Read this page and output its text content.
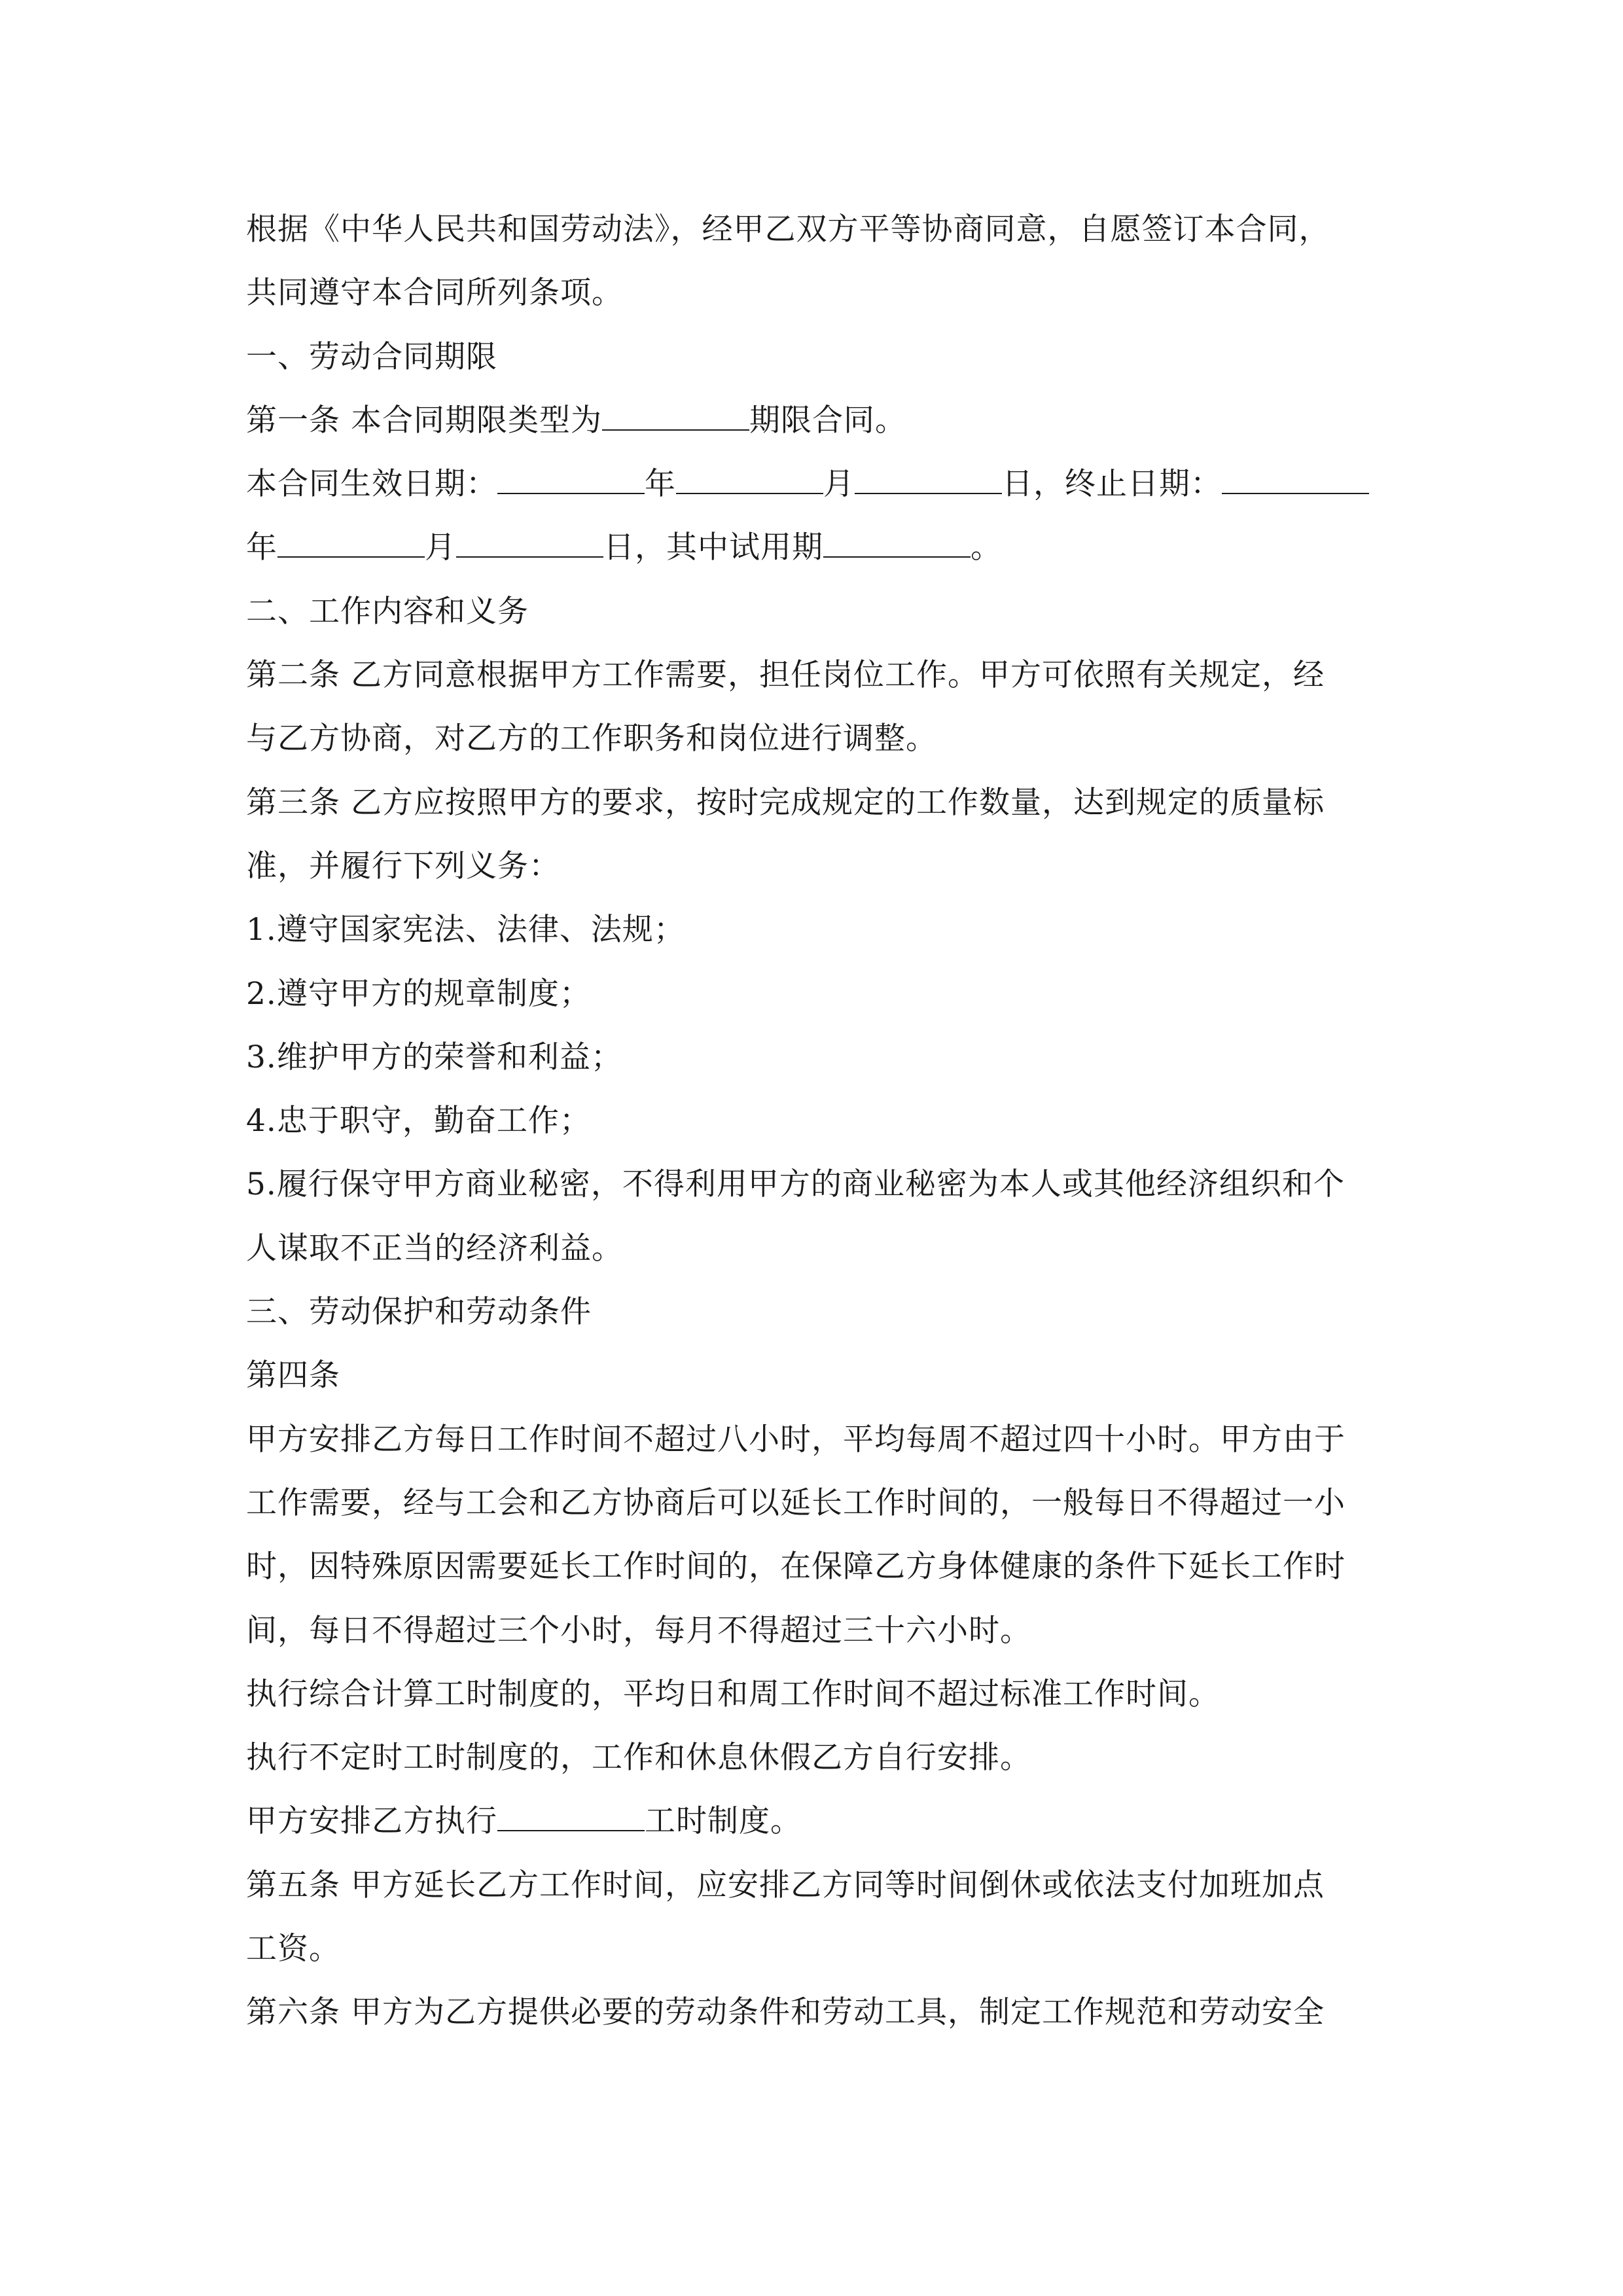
根据《中华人民共和国劳动法》，经甲乙双方平等协商同意，自愿签订本合同，
共同遵守本合同所列条项。
一、劳动合同期限
第一条 本合同期限类型为	期限合同。
本合同生效日期：	年	月	日，终止日期：
年	月	日，其中试用期	。
二、工作内容和义务
第二条 乙方同意根据甲方工作需要，担任岗位工作。甲方可依照有关规定，经
与乙方协商，对乙方的工作职务和岗位进行调整。
第三条 乙方应按照甲方的要求，按时完成规定的工作数量，达到规定的质量标
准，并履行下列义务：
1.遵守国家宪法、法律、法规；
2.遵守甲方的规章制度；
3.维护甲方的荣誉和利益；
4.忠于职守，勤奋工作；
5.履行保守甲方商业秘密，不得利用甲方的商业秘密为本人或其他经济组织和个
人谋取不正当的经济利益。
三、劳动保护和劳动条件
第四条
甲方安排乙方每日工作时间不超过八小时，平均每周不超过四十小时。甲方由于
工作需要，经与工会和乙方协商后可以延长工作时间的，一般每日不得超过一小
时，因特殊原因需要延长工作时间的，在保障乙方身体健康的条件下延长工作时
间，每日不得超过三个小时，每月不得超过三十六小时。
执行综合计算工时制度的，平均日和周工作时间不超过标准工作时间。
执行不定时工时制度的，工作和休息休假乙方自行安排。
甲方安排乙方执行	工时制度。
第五条 甲方延长乙方工作时间，应安排乙方同等时间倒休或依法支付加班加点
工资。
第六条 甲方为乙方提供必要的劳动条件和劳动工具，制定工作规范和劳动安全
